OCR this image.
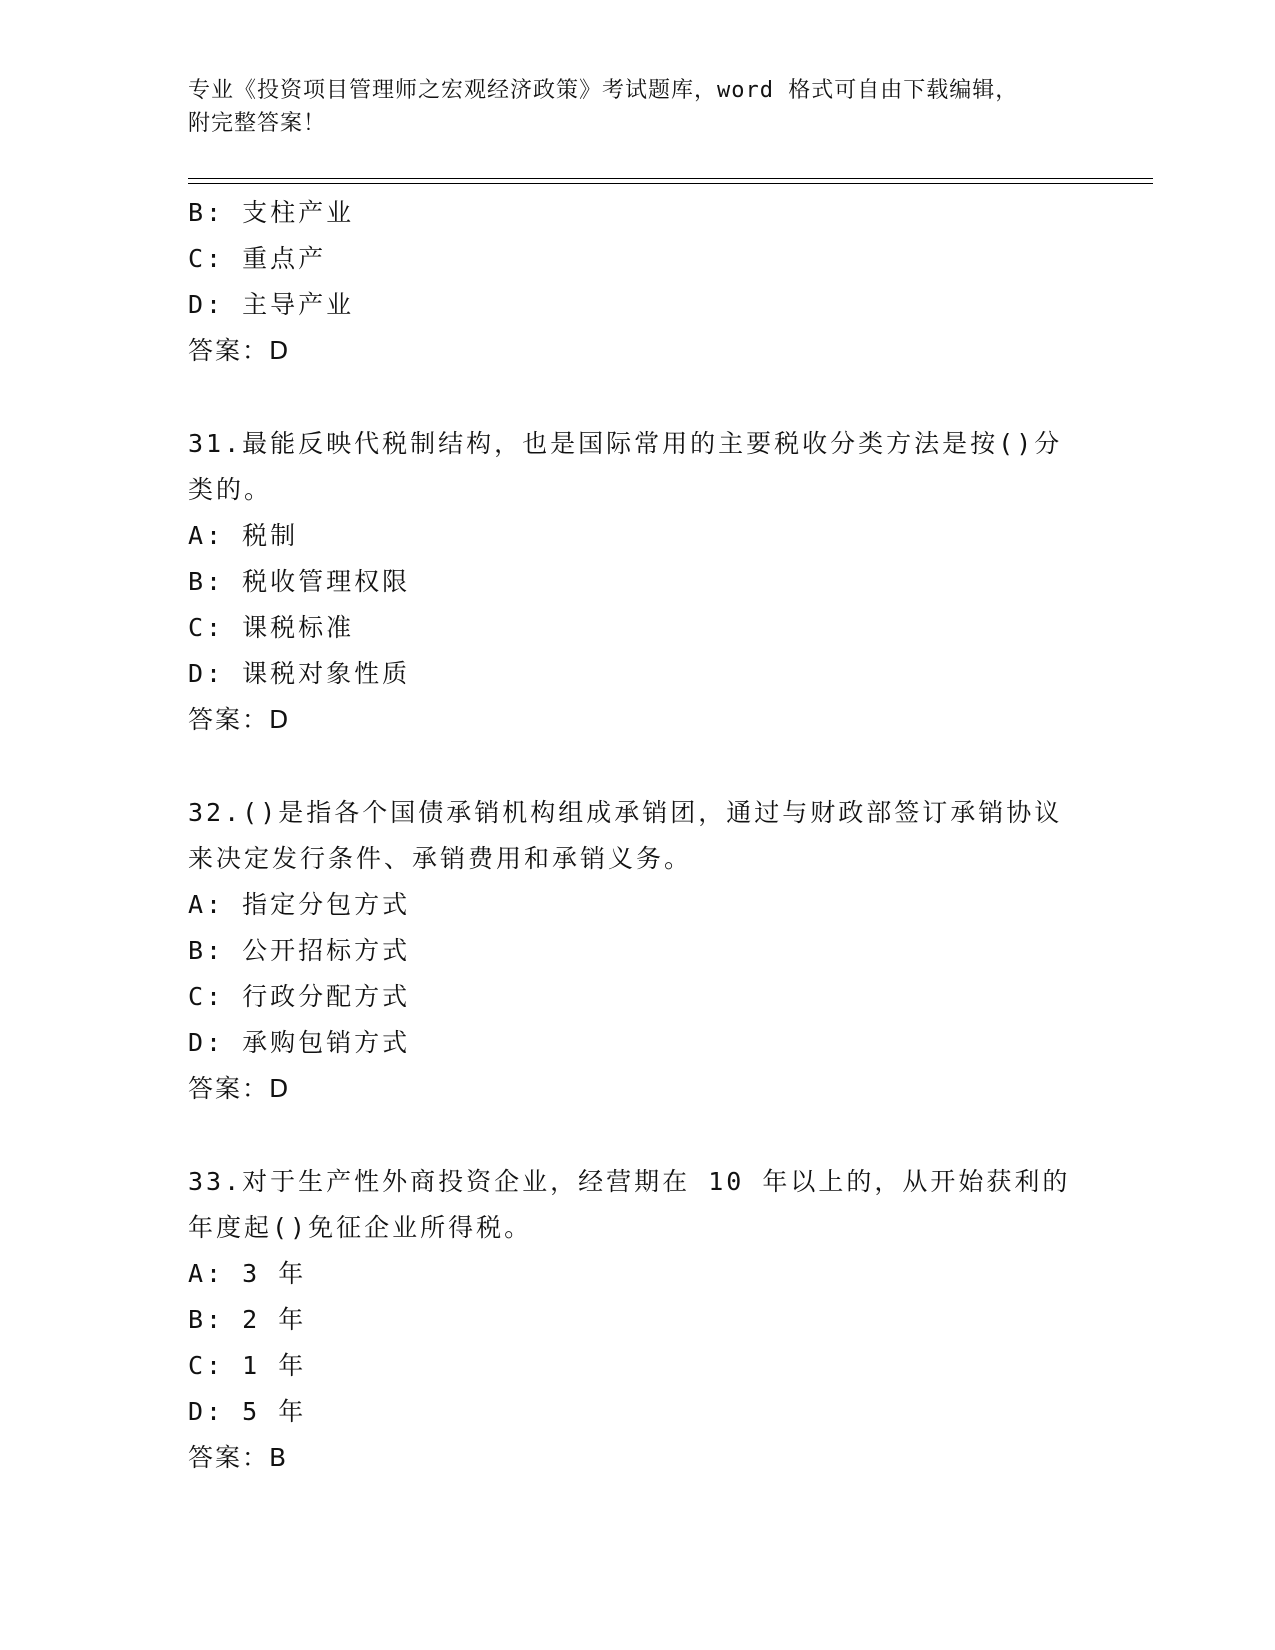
专业《投资项目管理师之宏观经济政策》考试题库，word 格式可自由下载编辑，
附完整答案！
B: 支柱产业
C: 重点产
D: 主导产业
答案：D
31.最能反映代税制结构，也是国际常用的主要税收分类方法是按()分
类的。
A: 税制
B: 税收管理权限
C: 课税标准
D: 课税对象性质
答案：D
32.()是指各个国债承销机构组成承销团，通过与财政部签订承销协议
来决定发行条件、承销费用和承销义务。
A: 指定分包方式
B: 公开招标方式
C: 行政分配方式
D: 承购包销方式
答案：D
33.对于生产性外商投资企业，经营期在 10 年以上的，从开始获利的
年度起()免征企业所得税。
A: 3 年
B: 2 年
C: 1 年
D: 5 年
答案：B
